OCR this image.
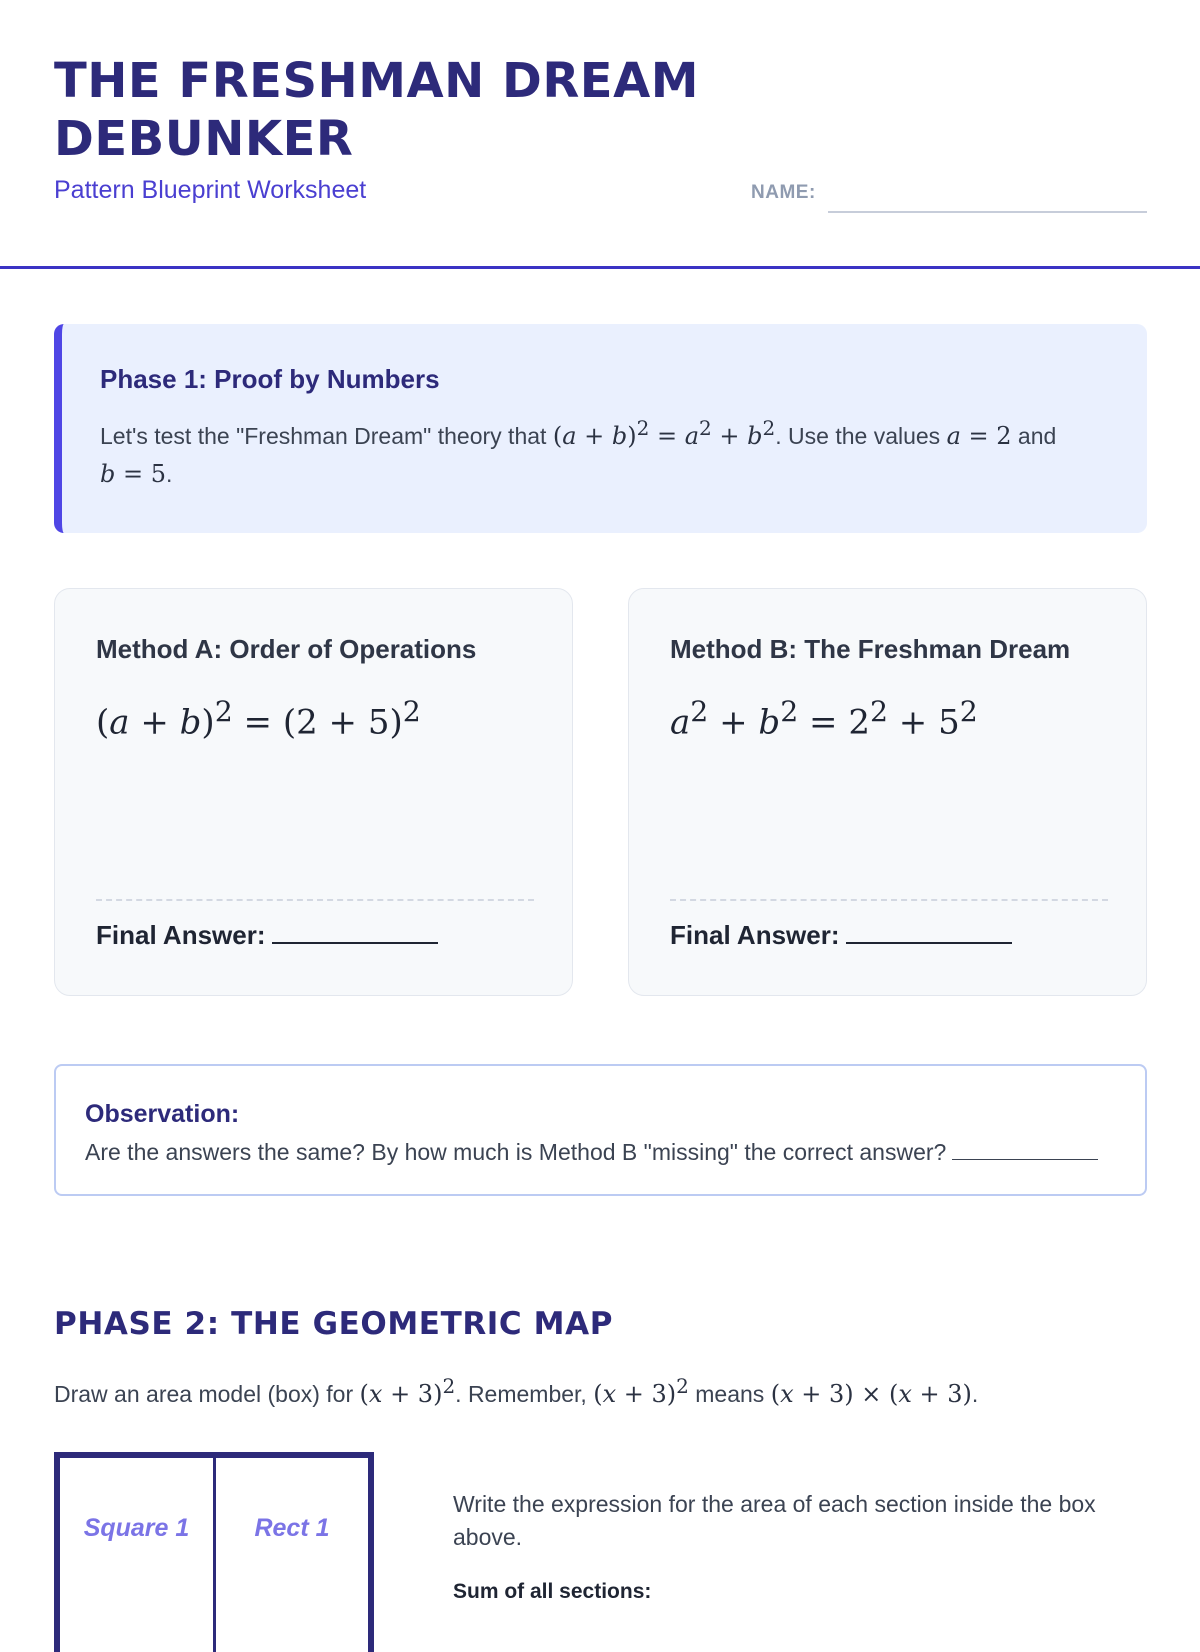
THE FRESHMAN DREAM DEBUNKER
Pattern Blueprint Worksheet	NAME:
Phase 1: Proof by Numbers
Let's test the "Freshman Dream" theory that $(a + b)^2 = a^2 + b^2$. Use the values a = 2 and
b = 5.
Method A: Order of Operations
$(a + b)^2 = (2 + 5)^2$
Final Answer:
Method B: The Freshman Dream
$a^2 + b^2 = 2^2 + 5^2$
Final Answer:
Observation:
Are the answers the same? By how much is Method B "missing" the correct answer?
PHASE 2: THE GEOMETRIC MAP
Draw an area model (box) for $(x + 3)^2$. Remember, $(x + 3)^2$ means (x + 3) × (x + 3).
Square 1	Rect 1
Write the expression for the area of each section inside the box above.
Sum of all sections:
